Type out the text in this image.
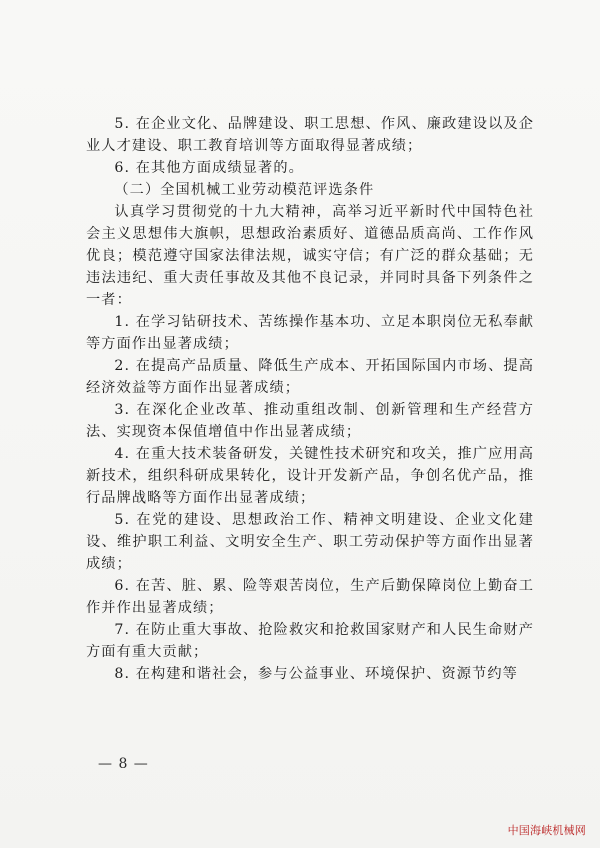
5. 在企业文化、品牌建设、职工思想、作风、廉政建设以及企业人才建设、职工教育培训等方面取得显著成绩；

6. 在其他方面成绩显著的。

（二）全国机械工业劳动模范评选条件

认真学习贯彻党的十九大精神，高举习近平新时代中国特色社会主义思想伟大旗帜，思想政治素质好、道德品质高尚、工作作风优良；模范遵守国家法律法规，诚实守信；有广泛的群众基础；无违法违纪、重大责任事故及其他不良记录，并同时具备下列条件之一者：

1. 在学习钻研技术、苦练操作基本功、立足本职岗位无私奉献等方面作出显著成绩；

2. 在提高产品质量、降低生产成本、开拓国际国内市场、提高经济效益等方面作出显著成绩；

3. 在深化企业改革、推动重组改制、创新管理和生产经营方法、实现资本保值增值中作出显著成绩；

4. 在重大技术装备研发，关键性技术研究和攻关，推广应用高新技术，组织科研成果转化，设计开发新产品，争创名优产品，推行品牌战略等方面作出显著成绩；

5. 在党的建设、思想政治工作、精神文明建设、企业文化建设、维护职工利益、文明安全生产、职工劳动保护等方面作出显著成绩；

6. 在苦、脏、累、险等艰苦岗位，生产后勤保障岗位上勤奋工作并作出显著成绩；

7. 在防止重大事故、抢险救灾和抢救国家财产和人民生命财产方面有重大贡献；

8. 在构建和谐社会，参与公益事业、环境保护、资源节约等

— 8 —
中国海峡机械网
